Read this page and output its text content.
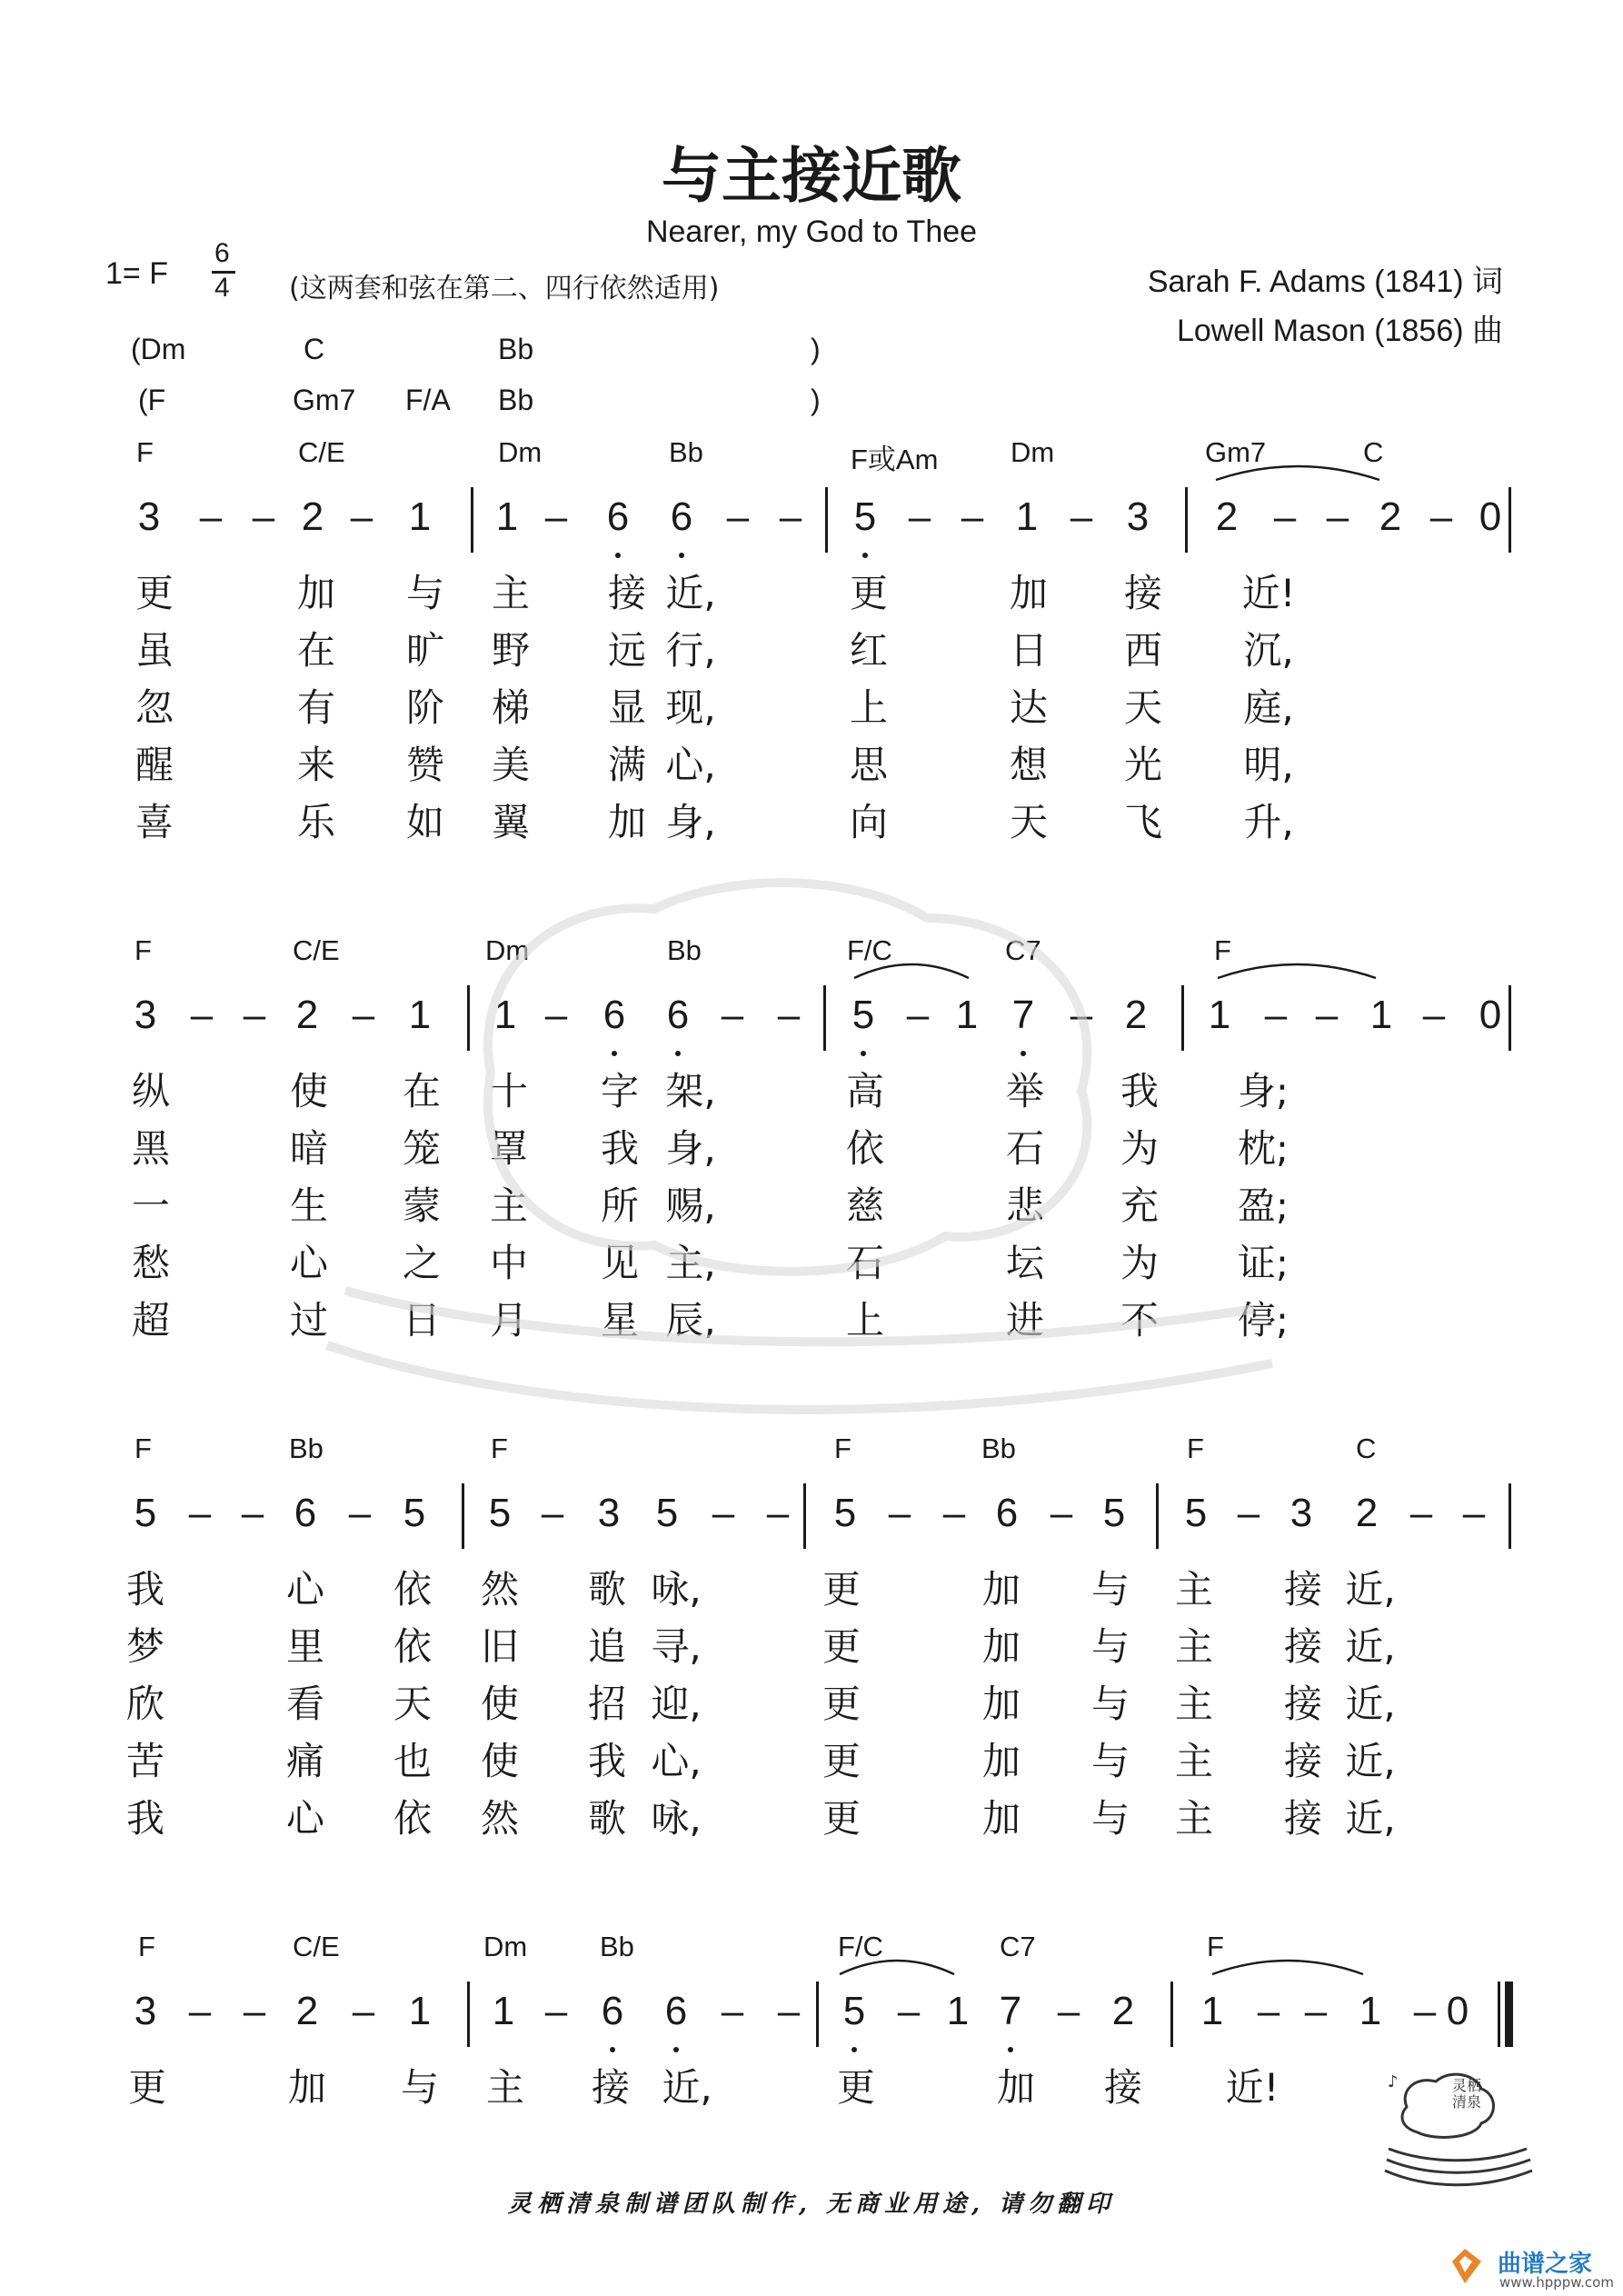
与主接近歌
Nearer, my God to Thee
1= F
6
4 (这两套和弦在第二、四行依然适用)	Sarah F. Adams (1841) 词
Lowell Mason (1856) 曲
(Dm	C	Bb	)
(F	Gm7 F/A Bb	)
F	C/E	Dm	Bb	F或Am	Dm	Gm7	C
3 – – 2 – 1 1 – 6 6 – – 5 – – 1 – 3 2 – – 2 – 0
更	加 与 主 接 近,	更	加 接 近!
虽	在 旷 野 远 行,	红	日 西 沉,
忽	有 阶 梯 显 现,	上	达 天 庭,
醒	来 赞 美 满 心,	思	想 光 明,
喜	乐 如 翼 加 身,	向	天 飞 升,
F	C/E	Dm	Bb	F/C	C7	F
3 – – 2 – 1 1 – 6 6 – – 5 – 1 7 – 2 1 – – 1 – 0
纵	使 在 十 字 架,	高	举 我 身;
黑	暗 笼 罩 我 身,	依	石 为 枕;
一	生 蒙 主 所 赐,	慈	悲 充 盈;
愁	心 之 中 见 主,	石	坛 为 证;
超	过 日 月 星 辰,	上	进 不 停;
F	Bb	F	F	Bb	F	C
5 – – 6 – 5 5 – 3 5 – – 5 – – 6 – 5 5 – 3 2 – –
我	心 依 然 歌 咏,	更	加 与 主 接 近,
梦	里 依 旧 追 寻,	更	加 与 主 接 近,
欣	看 天 使 招 迎,	更	加 与 主 接 近,
苦	痛 也 使 我 心,	更	加 与 主 接 近,
我	心 依 然 歌 咏,	更	加 与 主 接 近,
F	C/E	Dm	Bb	F/C	C7	F
3 – – 2 – 1 1 – 6 6 – – 5 – 1 7 – 2 1 – – 1 – 0
更	加 与 主 接 近,	更	加 接 近!	♪	灵栖清泉
曲谱之家
www.hpppw.com
灵栖清泉制谱团队制作, 无商业用途, 请勿翻印
